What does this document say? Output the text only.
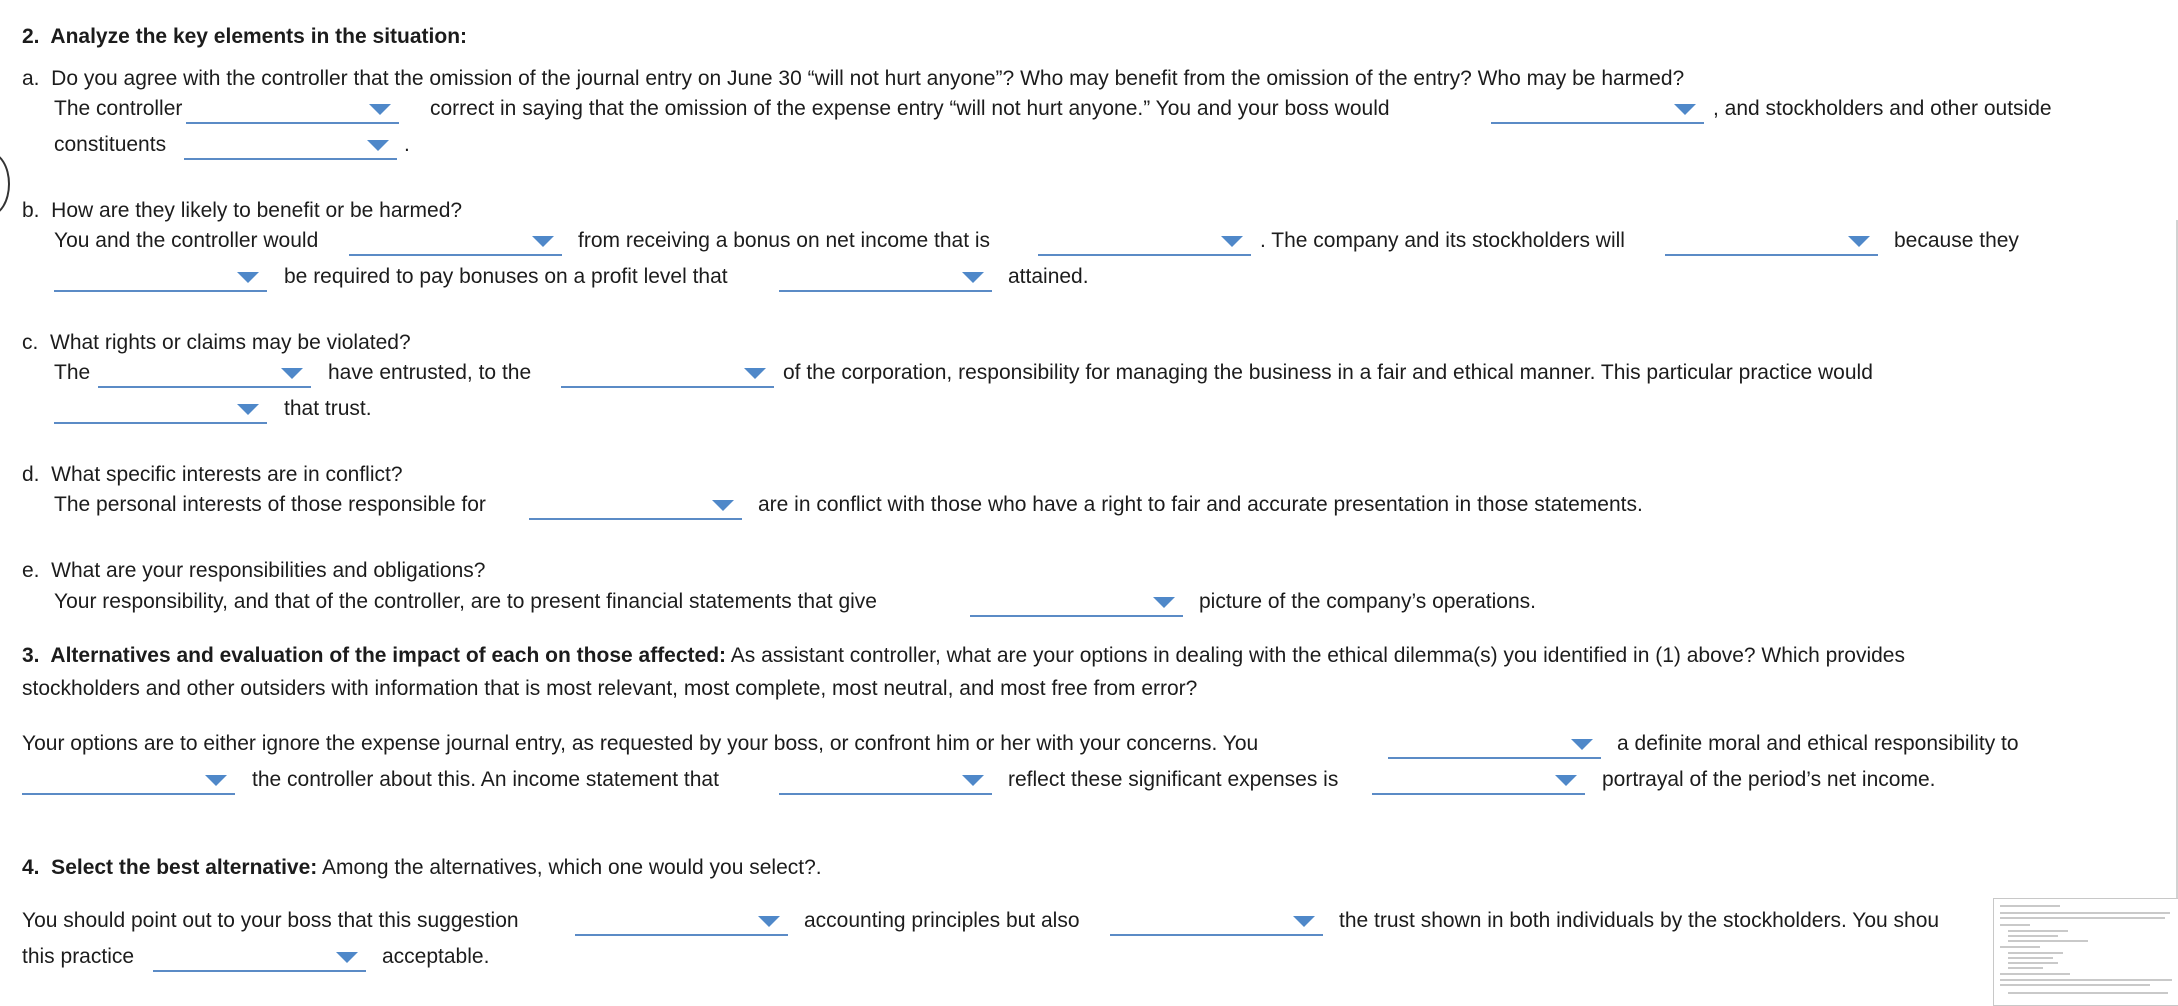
2.  Analyze the key elements in the situation:
a.  Do you agree with the controller that the omission of the journal entry on June 30 “will not hurt anyone”? Who may benefit from the omission of the entry? Who may be harmed?
The controller	correct in saying that the omission of the expense entry “will not hurt anyone.” You and your boss would	, and stockholders and other outside
constituents	.
b.  How are they likely to benefit or be harmed?
You and the controller would	from receiving a bonus on net income that is	. The company and its stockholders will	because they
be required to pay bonuses on a profit level that	attained.
c.  What rights or claims may be violated?
The	have entrusted, to the	of the corporation, responsibility for managing the business in a fair and ethical manner. This particular practice would
that trust.
d.  What specific interests are in conflict?
The personal interests of those responsible for	are in conflict with those who have a right to fair and accurate presentation in those statements.
e.  What are your responsibilities and obligations?
Your responsibility, and that of the controller, are to present financial statements that give	picture of the company’s operations.
3.  Alternatives and evaluation of the impact of each on those affected: As assistant controller, what are your options in dealing with the ethical dilemma(s) you identified in (1) above? Which provides
stockholders and other outsiders with information that is most relevant, most complete, most neutral, and most free from error?
Your options are to either ignore the expense journal entry, as requested by your boss, or confront him or her with your concerns. You	a definite moral and ethical responsibility to
the controller about this. An income statement that	reflect these significant expenses is	portrayal of the period’s net income.
4.  Select the best alternative: Among the alternatives, which one would you select?.
You should point out to your boss that this suggestion	accounting principles but also	the trust shown in both individuals by the stockholders. You shou
this practice	acceptable.
